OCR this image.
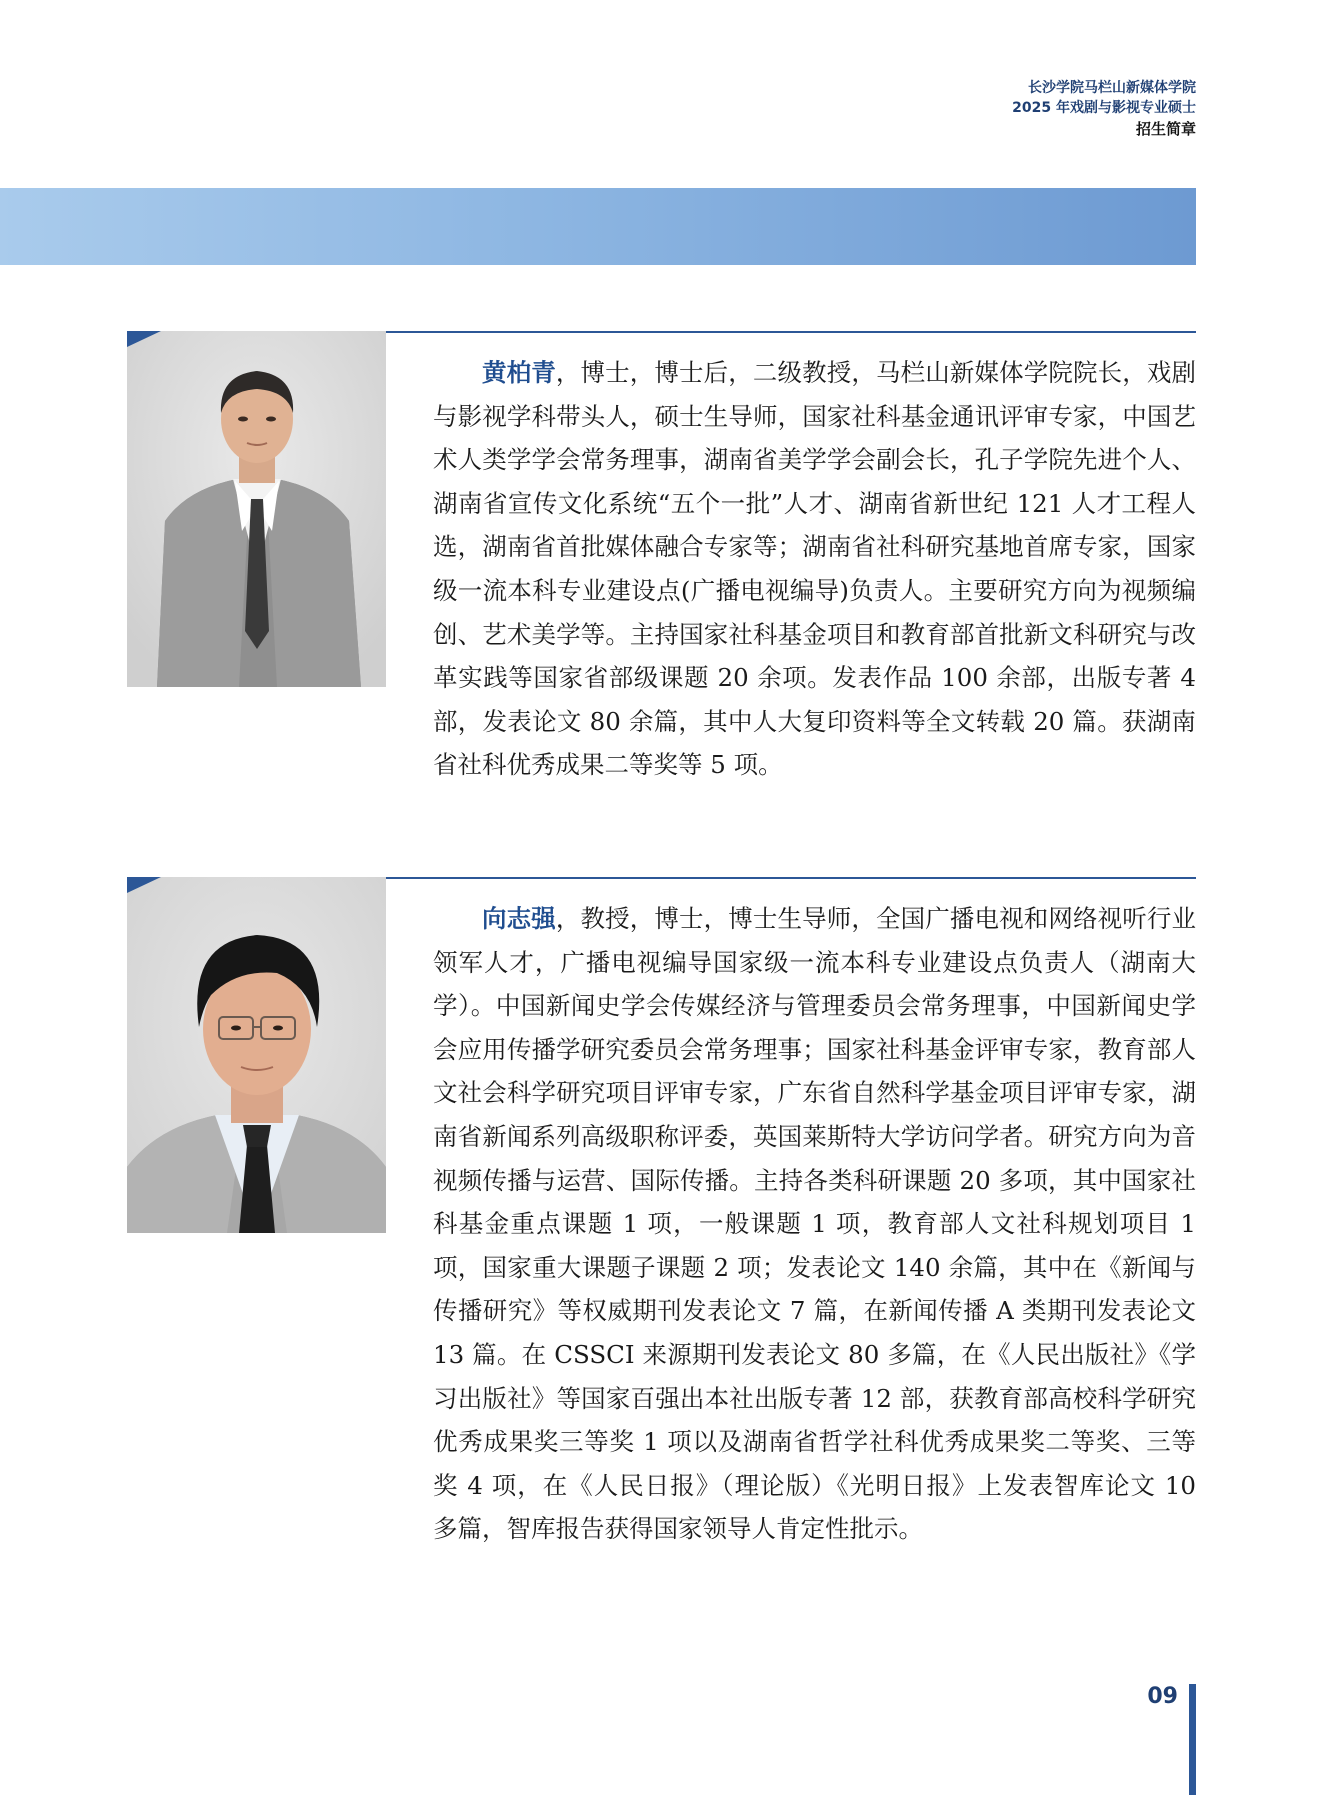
长沙学院马栏山新媒体学院
2025 年戏剧与影视专业硕士
招生简章

黄柏青，博士，博士后，二级教授，马栏山新媒体学院院长，戏剧与影视学科带头人，硕士生导师，国家社科基金通讯评审专家，中国艺术人类学学会常务理事，湖南省美学学会副会长，孔子学院先进个人、湖南省宣传文化系统“五个一批”人才、湖南省新世纪 121 人才工程人选，湖南省首批媒体融合专家等；湖南省社科研究基地首席专家，国家级一流本科专业建设点(广播电视编导)负责人。主要研究方向为视频编创、艺术美学等。主持国家社科基金项目和教育部首批新文科研究与改革实践等国家省部级课题 20 余项。发表作品 100 余部，出版专著 4 部，发表论文 80 余篇，其中人大复印资料等全文转载 20 篇。获湖南省社科优秀成果二等奖等 5 项。

向志强，教授，博士，博士生导师，全国广播电视和网络视听行业领军人才，广播电视编导国家级一流本科专业建设点负责人（湖南大学）。中国新闻史学会传媒经济与管理委员会常务理事，中国新闻史学会应用传播学研究委员会常务理事；国家社科基金评审专家，教育部人文社会科学研究项目评审专家，广东省自然科学基金项目评审专家，湖南省新闻系列高级职称评委，英国莱斯特大学访问学者。研究方向为音视频传播与运营、国际传播。主持各类科研课题 20 多项，其中国家社科基金重点课题 1 项，一般课题 1 项，教育部人文社科规划项目 1 项，国家重大课题子课题 2 项；发表论文 140 余篇，其中在《新闻与传播研究》等权威期刊发表论文 7 篇，在新闻传播 A 类期刊发表论文 13 篇。在 CSSCI 来源期刊发表论文 80 多篇，在《人民出版社》《学习出版社》等国家百强出本社出版专著 12 部，获教育部高校科学研究优秀成果奖三等奖 1 项以及湖南省哲学社科优秀成果奖二等奖、三等奖 4 项，在《人民日报》（理论版）《光明日报》上发表智库论文 10 多篇，智库报告获得国家领导人肯定性批示。

09
